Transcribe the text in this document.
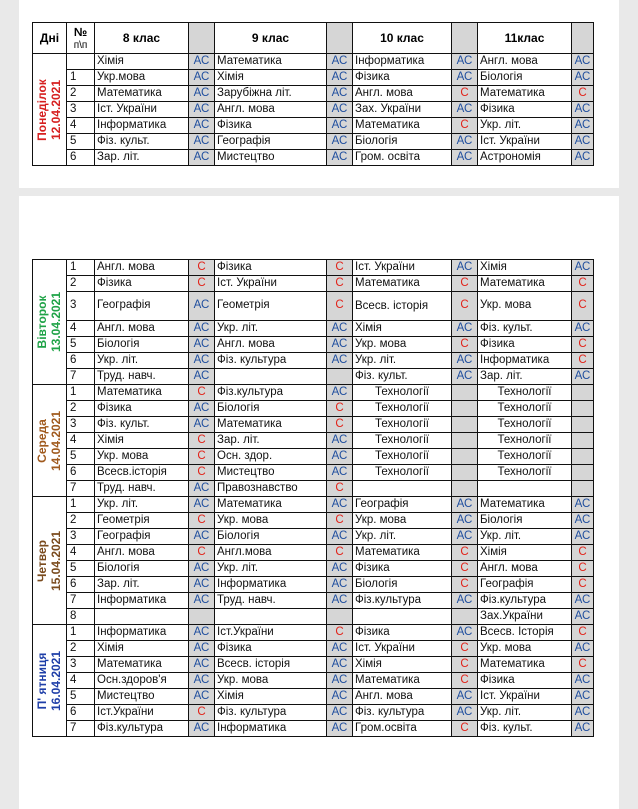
Дні	№
п\п	8 клас		9 клас		10 клас		11клас	

Понеділок 12.04.2021		Хімія	АС	Математика	АС	Інформатика	АС	Англ. мова	АС
	1	Укр.мова	АС	Хімія	АС	Фізика	АС	Біологія	АС
	2	Математика	АС	Зарубіжна літ.	АС	Англ. мова	С	Математика	С
	3	Іст. України	АС	Англ. мова	АС	Зах. України	АС	Фізика	АС
	4	Інформатика	АС	Фізика	АС	Математика	С	Укр. літ.	АС
	5	Фіз. культ.	АС	Географія	АС	Біологія	АС	Іст. України	АС
	6	Зар. літ.	АС	Мистецтво	АС	Гром. освіта	АС	Астрономія	АС
Вівторок 13.04.2021	1	Англ. мова	С	Фізика	С	Іст. України	АС	Хімія	АС
	2	Фізика	С	Іст. України	С	Математика	С	Математика	С
	3	Географія	АС	Геометрія	С	Всесв. історія	С	Укр. мова	С
	4	Англ. мова	АС	Укр. літ.	АС	Хімія	АС	Фіз. культ.	АС
	5	Біологія	АС	Англ. мова	АС	Укр. мова	С	Фізика	С
	6	Укр. літ.	АС	Фіз. культура	АС	Укр. літ.	АС	Інформатика	С
	7	Труд. навч.	АС			Фіз. культ.	АС	Зар. літ.	АС

Середа 14.04.2021	1	Математика	С	Фіз.культура	АС	Технології		Технології	
	2	Фізика	АС	Біологія	С	Технології		Технології	
	3	Фіз. культ.	АС	Математика	С	Технології		Технології	
	4	Хімія	С	Зар. літ.	АС	Технології		Технології	
	5	Укр. мова	С	Осн. здор.	АС	Технології		Технології	
	6	Всесв.історія	С	Мистецтво	АС	Технології		Технології	
	7	Труд. навч.	АС	Правознавство	С				

Четвер 15.04.2021	1	Укр. літ.	АС	Математика	АС	Географія	АС	Математика	АС
	2	Геометрія	С	Укр. мова	С	Укр. мова	АС	Біологія	АС
	3	Географія	АС	Біологія	АС	Укр. літ.	АС	Укр. літ.	АС
	4	Англ. мова	С	Англ.мова	С	Математика	С	Хімія	С
	5	Біологія	АС	Укр. літ.	АС	Фізика	С	Англ. мова	С
	6	Зар. літ.	АС	Інформатика	АС	Біологія	С	Географія	С
	7	Інформатика	АС	Труд. навч.	АС	Фіз.культура	АС	Фіз.культура	АС
	8							Зах.України	АС

П' ятниця 16.04.2021	1	Інформатика	АС	Іст.України	С	Фізика	АС	Всесв. Історія	С
	2	Хімія	АС	Фізика	АС	Іст. України	С	Укр. мова	АС
	3	Математика	АС	Всесв. історія	АС	Хімія	С	Математика	С
	4	Осн.здоров'я	АС	Укр. мова	АС	Математика	С	Фізика	АС
	5	Мистецтво	АС	Хімія	АС	Англ. мова	АС	Іст. України	АС
	6	Іст.України	С	Фіз. культура	АС	Фіз. культура	АС	Укр. літ.	АС
	7	Фіз.культура	АС	Інформатика	АС	Гром.освіта	С	Фіз. культ.	АС
